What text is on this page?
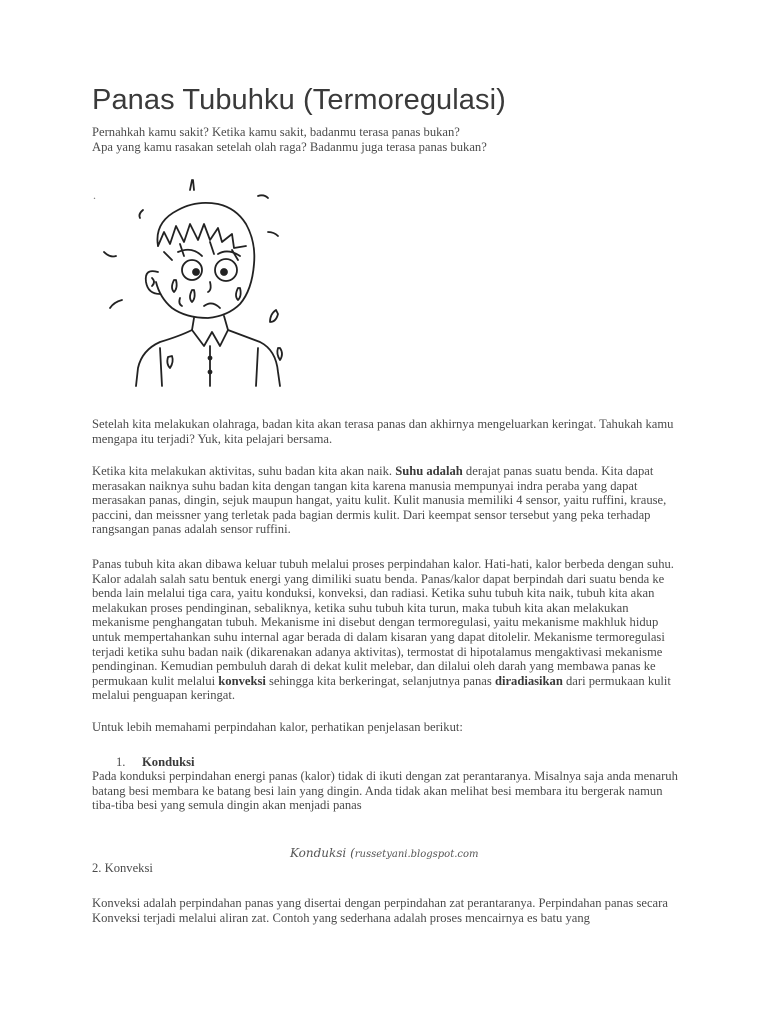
Panas Tubuhku (Termoregulasi)

Pernahkah kamu sakit? Ketika kamu sakit, badanmu terasa panas bukan?

Apa yang kamu rasakan setelah olah raga? Badanmu juga terasa panas bukan?

.
Setelah kita melakukan olahraga, badan kita akan terasa panas dan akhirnya mengeluarkan keringat. Tahukah kamu mengapa itu terjadi? Yuk, kita pelajari bersama.
Ketika kita melakukan aktivitas, suhu badan kita akan naik. Suhu adalah derajat panas suatu benda. Kita dapat merasakan naiknya suhu badan kita dengan tangan kita karena manusia mempunyai indra peraba yang dapat merasakan panas, dingin, sejuk maupun hangat, yaitu kulit. Kulit manusia memiliki 4 sensor, yaitu ruffini, krause, paccini, dan meissner yang terletak pada bagian dermis kulit. Dari keempat sensor tersebut yang peka terhadap rangsangan panas adalah sensor ruffini.
Panas tubuh kita akan dibawa keluar tubuh melalui proses perpindahan kalor. Hati-hati, kalor berbeda dengan suhu. Kalor adalah salah satu bentuk energi yang dimiliki suatu benda. Panas/kalor dapat berpindah dari suatu benda ke benda lain melalui tiga cara, yaitu konduksi, konveksi, dan radiasi. Ketika suhu tubuh kita naik, tubuh kita akan melakukan proses pendinginan, sebaliknya, ketika suhu tubuh kita turun, maka tubuh kita akan melakukan mekanisme penghangatan tubuh. Mekanisme ini disebut dengan termoregulasi, yaitu mekanisme makhluk hidup untuk mempertahankan suhu internal agar berada di dalam kisaran yang dapat ditolelir. Mekanisme termoregulasi terjadi ketika suhu badan naik (dikarenakan adanya aktivitas), termostat di hipotalamus mengaktivasi mekanisme pendinginan. Kemudian pembuluh darah di dekat kulit melebar, dan dilalui oleh darah yang membawa panas ke permukaan kulit melalui konveksi sehingga kita berkeringat, selanjutnya panas diradiasikan dari permukaan kulit melalui penguapan keringat.
Untuk lebih memahami perpindahan kalor, perhatikan penjelasan berikut:
1. Konduksi
Pada konduksi perpindahan energi panas (kalor) tidak di ikuti dengan zat perantaranya. Misalnya saja anda menaruh batang besi membara ke batang besi lain yang dingin. Anda tidak akan melihat besi membara itu bergerak namun tiba-tiba besi yang semula dingin akan menjadi panas
Konduksi (russetyani.blogspot.com
2. Konveksi
Konveksi adalah perpindahan panas yang disertai dengan perpindahan zat perantaranya. Perpindahan panas secara Konveksi terjadi melalui aliran zat. Contoh yang sederhana adalah proses mencairnya es batu yang
